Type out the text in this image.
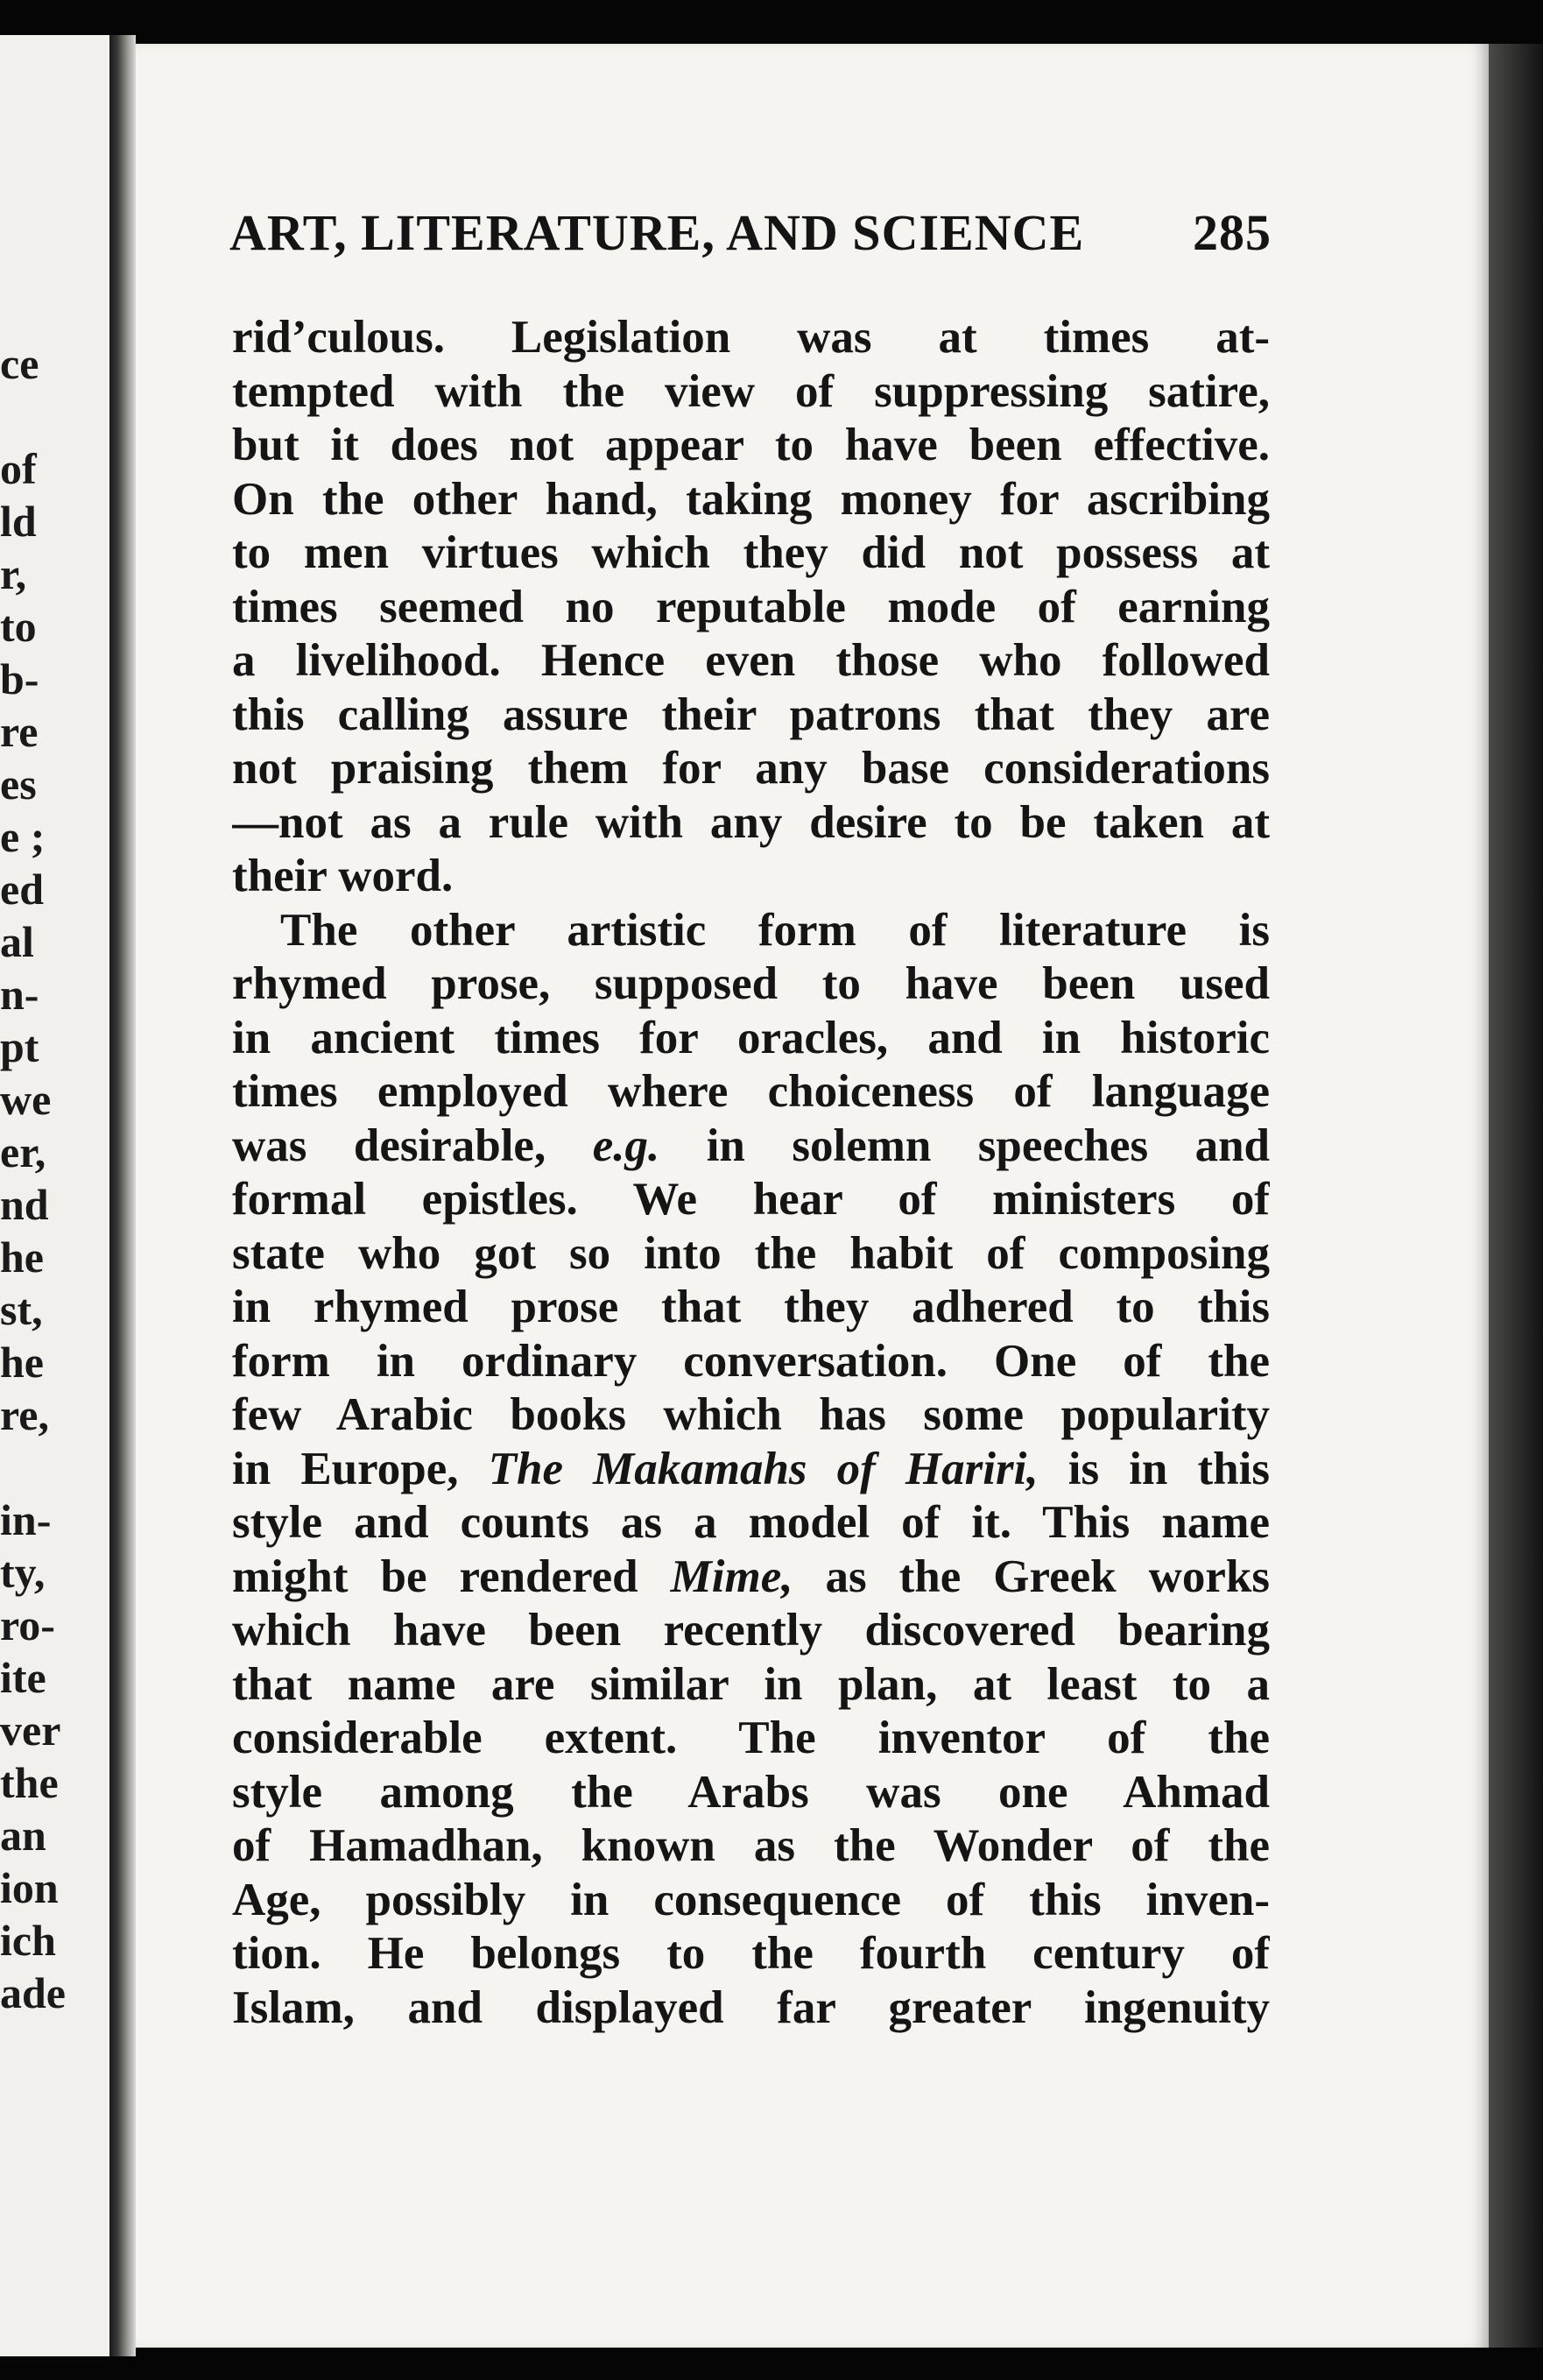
ce

of
ld
r,
to
b-
re
es
e ;
ed
al
n-
pt
we
er,
nd
he
st,
he
re,

in-
ty,
ro-
ite
ver
the
an
ion
ich
ade
ART, LITERATURE, AND SCIENCE 285
rid’culous. Legislation was at times at-
tempted with the view of suppressing satire,
but it does not appear to have been effective.
On the other hand, taking money for ascribing
to men virtues which they did not possess at
times seemed no reputable mode of earning
a livelihood. Hence even those who followed
this calling assure their patrons that they are
not praising them for any base considerations
—not as a rule with any desire to be taken at
their word.
The other artistic form of literature is
rhymed prose, supposed to have been used
in ancient times for oracles, and in historic
times employed where choiceness of language
was desirable, e.g. in solemn speeches and
formal epistles. We hear of ministers of
state who got so into the habit of composing
in rhymed prose that they adhered to this
form in ordinary conversation. One of the
few Arabic books which has some popularity
in Europe, The Makamahs of Hariri, is in this
style and counts as a model of it. This name
might be rendered Mime, as the Greek works
which have been recently discovered bearing
that name are similar in plan, at least to a
considerable extent. The inventor of the
style among the Arabs was one Ahmad
of Hamadhan, known as the Wonder of the
Age, possibly in consequence of this inven-
tion. He belongs to the fourth century of
Islam, and displayed far greater ingenuity
